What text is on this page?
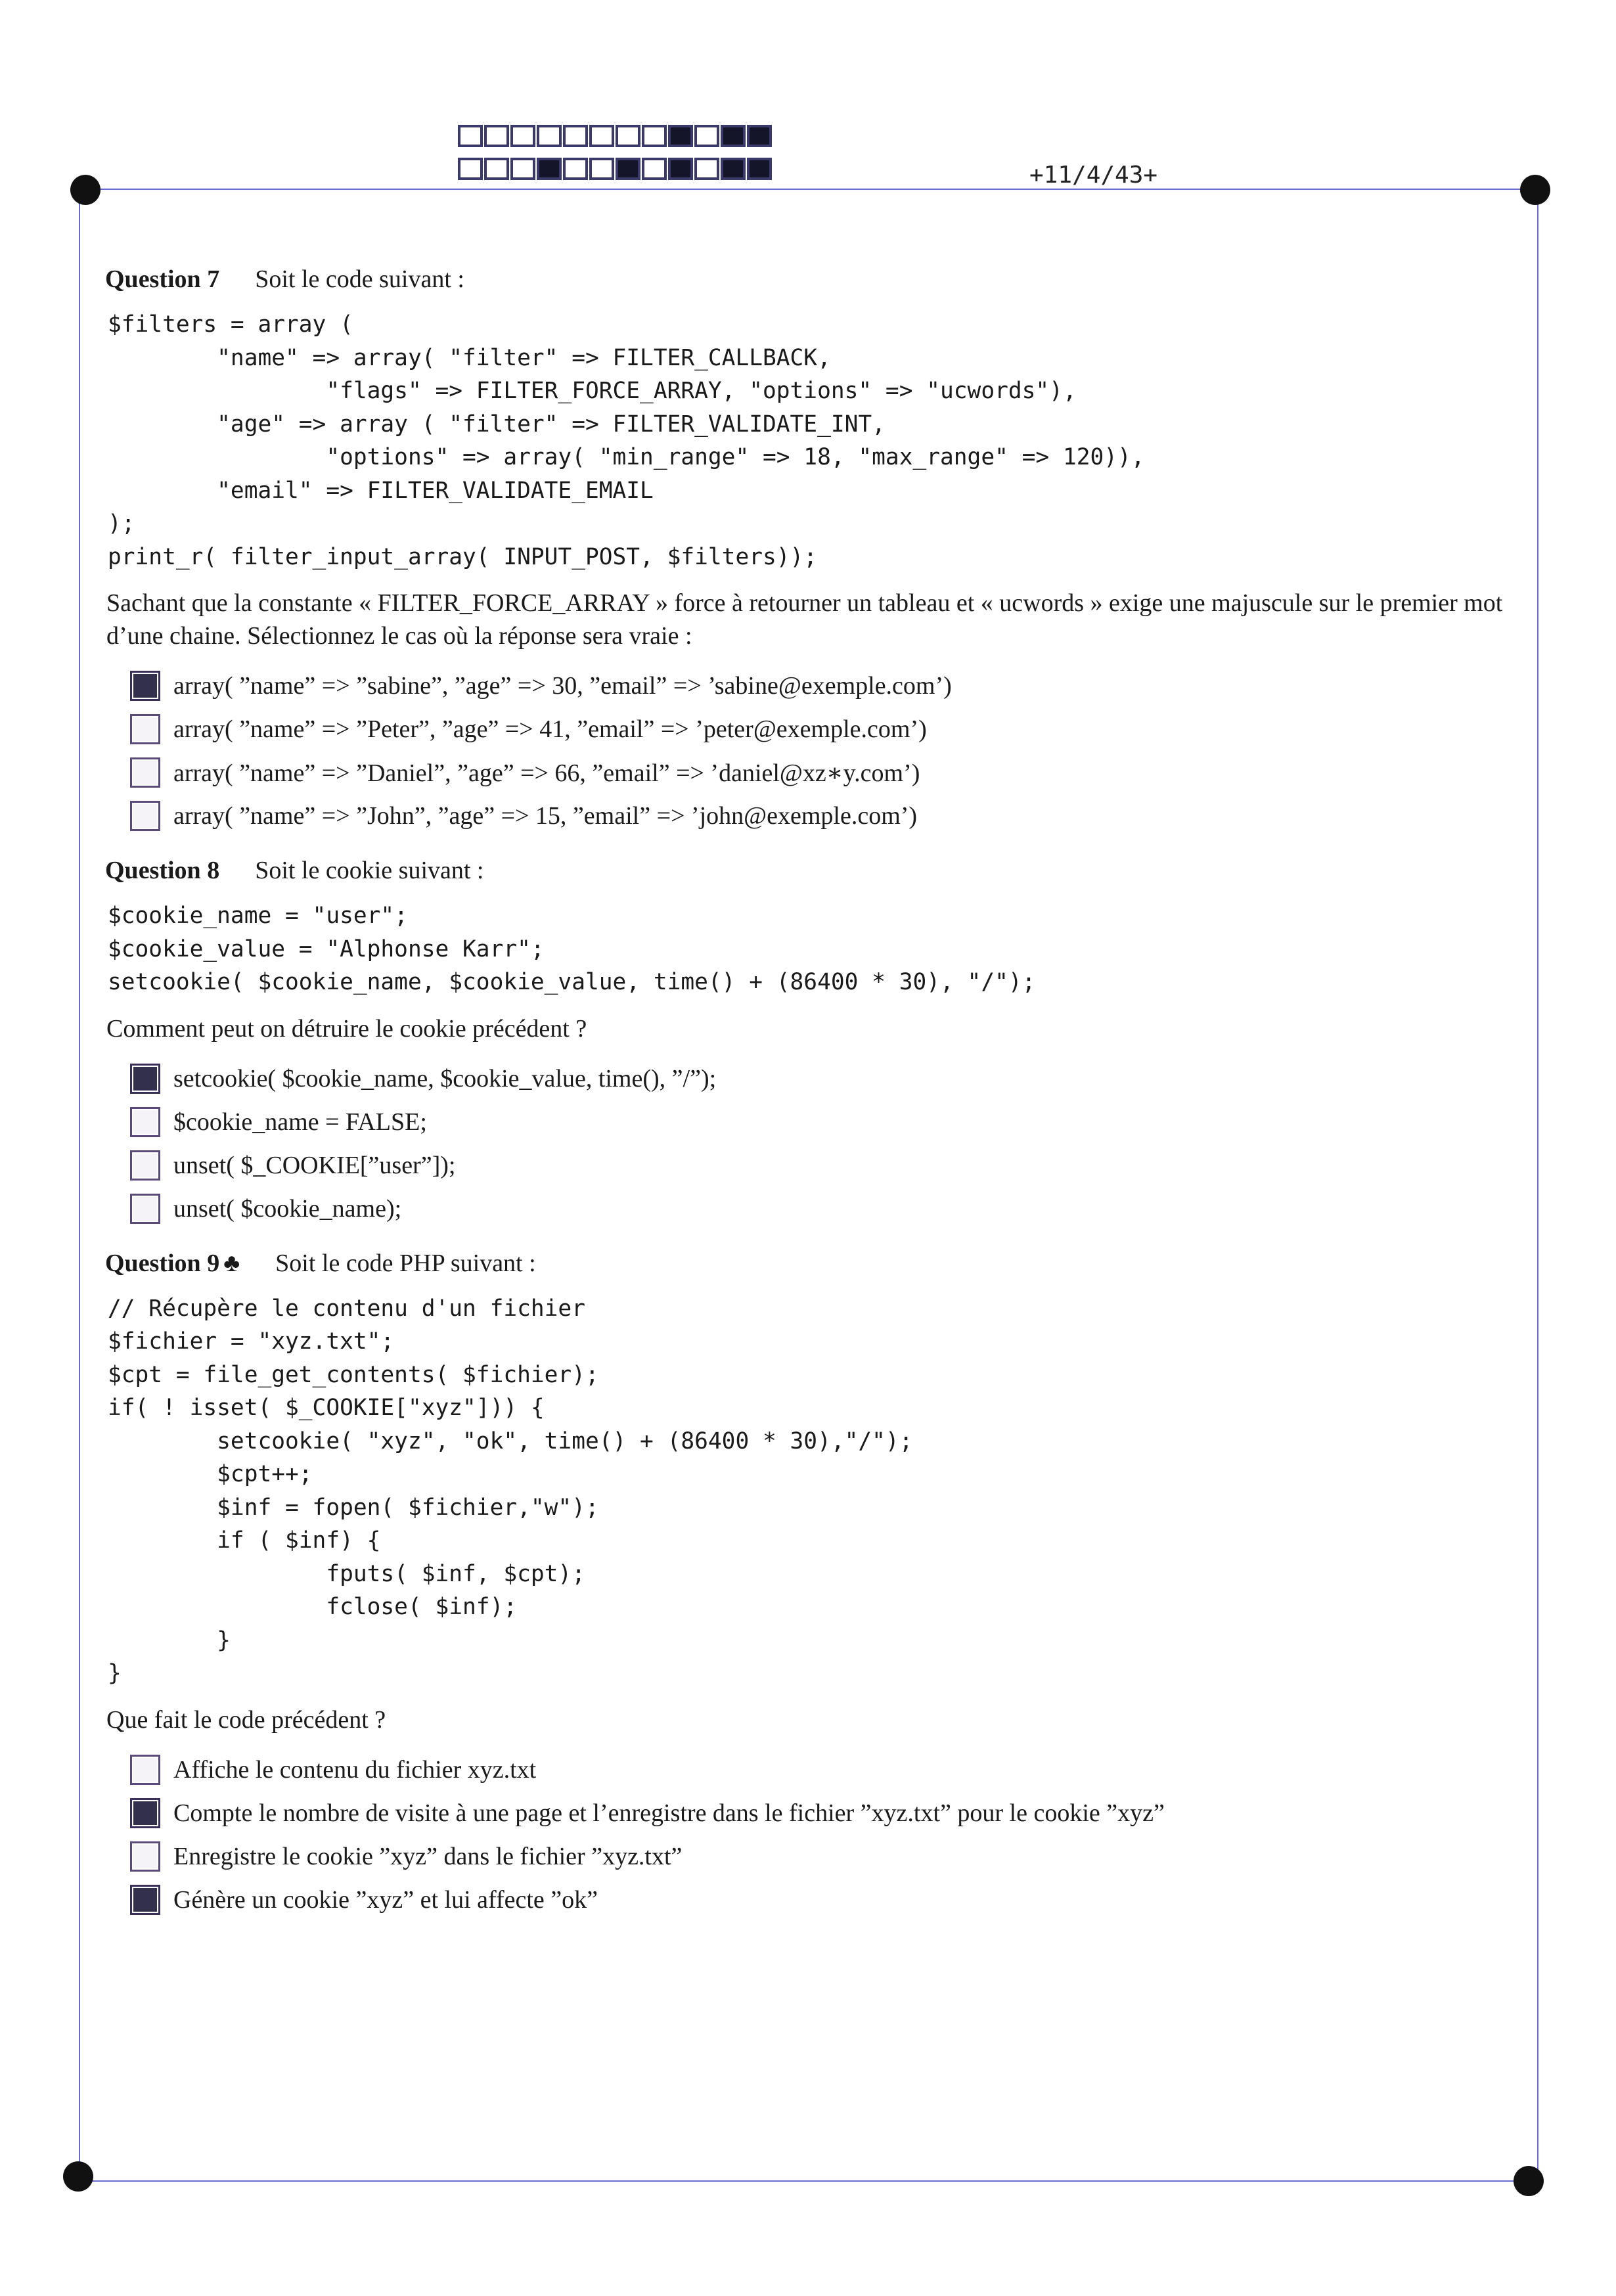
+11/4/43+

Question 7 Soit le code suivant :

$filters = array (
"name" => array( "filter" => FILTER_CALLBACK,
"flags" => FILTER_FORCE_ARRAY, "options" => "ucwords"),
"age" => array ( "filter" => FILTER_VALIDATE_INT,
"options" => array( "min_range" => 18, "max_range" => 120)),
"email" => FILTER_VALIDATE_EMAIL
);
print_r( filter_input_array( INPUT_POST, $filters));

Sachant que la constante « FILTER_FORCE_ARRAY » force à retourner un tableau et « ucwords » exige une majuscule sur le premier mot d’une chaine. Sélectionnez le cas où la réponse sera vraie :

array( ”name” => ”sabine”, ”age” => 30, ”email” => ’sabine@exemple.com’)
array( ”name” => ”Peter”, ”age” => 41, ”email” => ’peter@exemple.com’)
array( ”name” => ”Daniel”, ”age” => 66, ”email” => ’daniel@xz∗y.com’)
array( ”name” => ”John”, ”age” => 15, ”email” => ’john@exemple.com’)

Question 8 Soit le cookie suivant :

$cookie_name = "user";
$cookie_value = "Alphonse Karr";
setcookie( $cookie_name, $cookie_value, time() + (86400 * 30), "/");

Comment peut on détruire le cookie précédent ?

setcookie( $cookie_name, $cookie_value, time(), ”/”);
$cookie_name = FALSE;
unset( $_COOKIE[”user”]);
unset( $cookie_name);

Question 9 ♣ Soit le code PHP suivant :

// Récupère le contenu d'un fichier
$fichier = "xyz.txt";
$cpt = file_get_contents( $fichier);
if( ! isset( $_COOKIE["xyz"])) {
setcookie( "xyz", "ok", time() + (86400 * 30),"/");
$cpt++;
$inf = fopen( $fichier,"w");
if ( $inf) {
fputs( $inf, $cpt);
fclose( $inf);
}
}

Que fait le code précédent ?

Affiche le contenu du fichier xyz.txt
Compte le nombre de visite à une page et l’enregistre dans le fichier ”xyz.txt” pour le cookie ”xyz”
Enregistre le cookie ”xyz” dans le fichier ”xyz.txt”
Génère un cookie ”xyz” et lui affecte ”ok”
